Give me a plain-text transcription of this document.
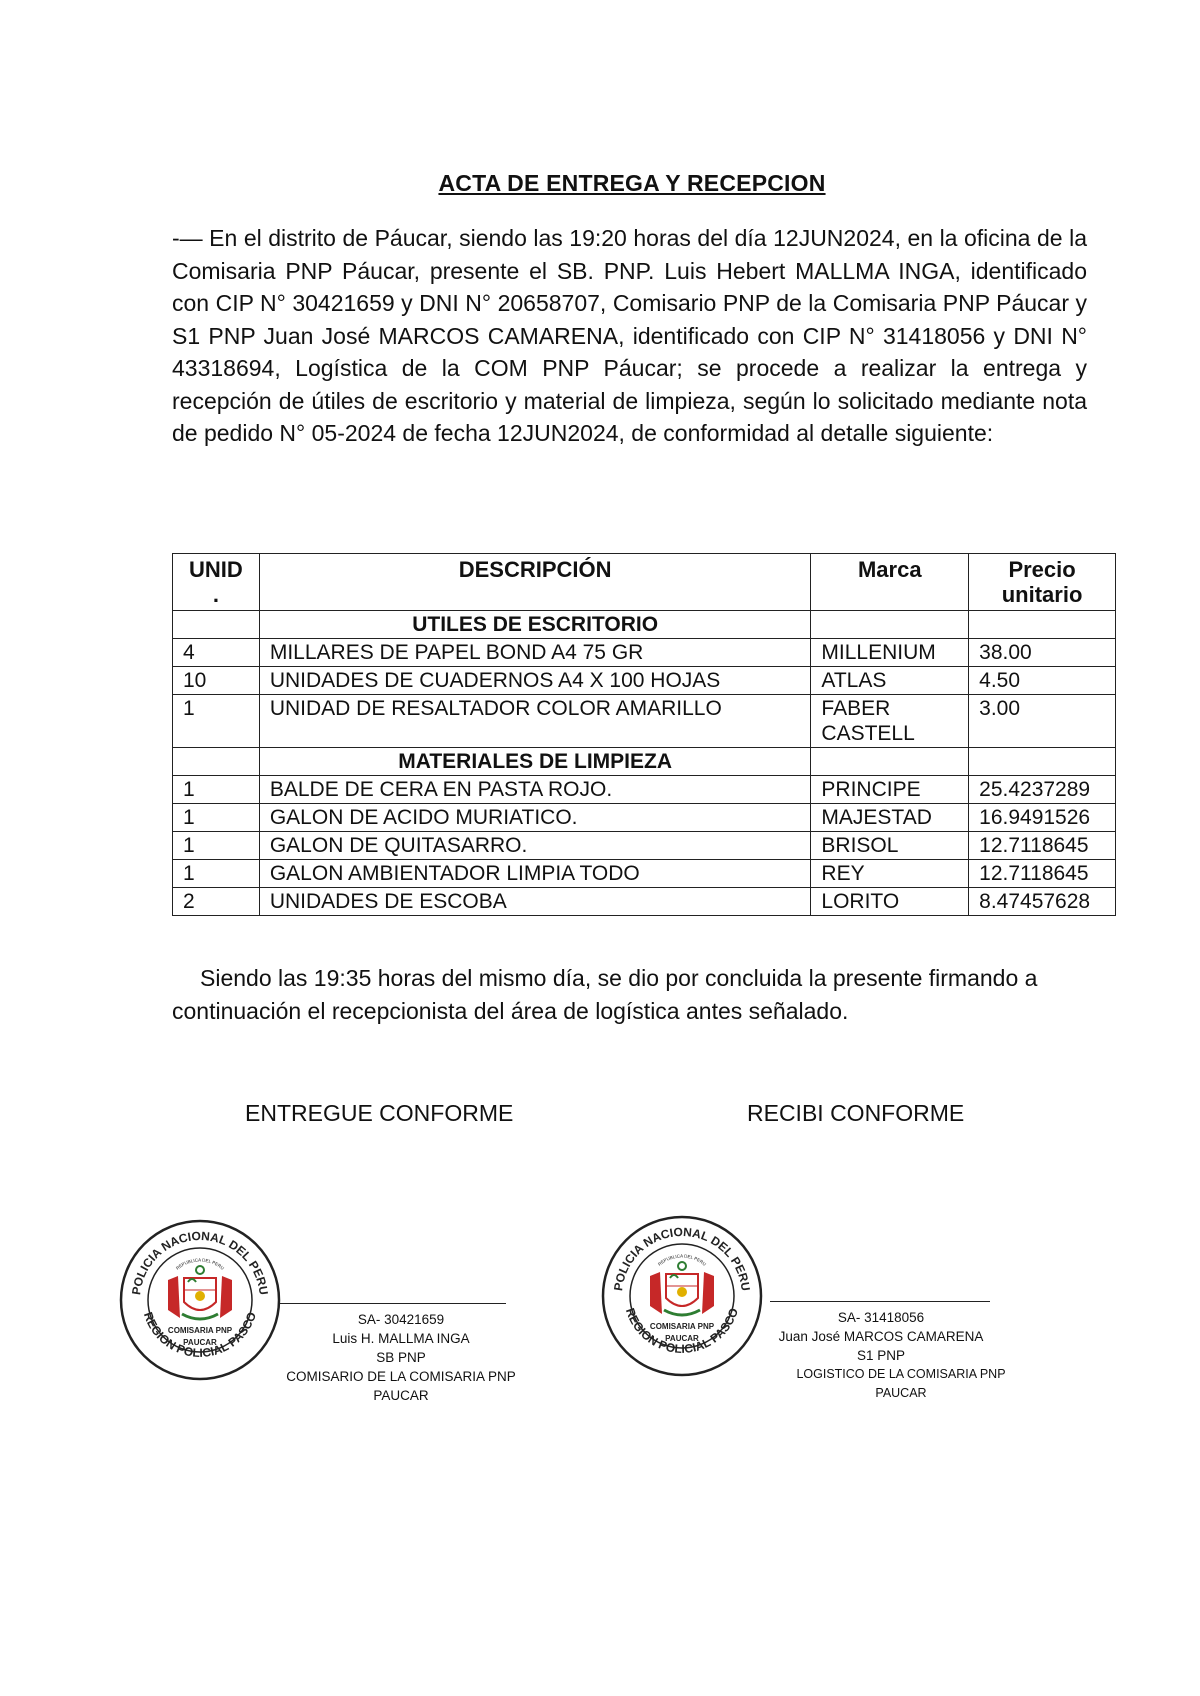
ACTA DE ENTREGA Y RECEPCION
-— En el distrito de Páucar, siendo las 19:20 horas del día 12JUN2024, en la oficina de la Comisaria PNP Páucar, presente el SB. PNP. Luis Hebert MALLMA INGA, identificado con CIP N° 30421659 y DNI N° 20658707, Comisario PNP de la Comisaria PNP Páucar y S1 PNP Juan José MARCOS CAMARENA, identificado con CIP N° 31418056 y DNI N° 43318694, Logística de la COM PNP Páucar; se procede a realizar la entrega y recepción de útiles de escritorio y material de limpieza, según lo solicitado mediante nota de pedido N° 05-2024 de fecha 12JUN2024, de conformidad al detalle siguiente:
UNID .	DESCRIPCIÓN	Marca	Precio unitario
	UTILES DE ESCRITORIO		
4	MILLARES DE PAPEL BOND A4 75 GR	MILLENIUM	38.00
10	UNIDADES DE CUADERNOS A4 X 100 HOJAS	ATLAS	4.50
1	UNIDAD DE RESALTADOR COLOR AMARILLO	FABER CASTELL	3.00
	MATERIALES DE LIMPIEZA		
1	BALDE DE CERA EN PASTA ROJO.	PRINCIPE	25.4237289
1	GALON DE ACIDO MURIATICO.	MAJESTAD	16.9491526
1	GALON DE QUITASARRO.	BRISOL	12.7118645
1	GALON AMBIENTADOR LIMPIA TODO	REY	12.7118645
2	UNIDADES DE ESCOBA	LORITO	8.47457628
Siendo las 19:35 horas del mismo día, se dio por concluida la presente firmando a continuación el recepcionista del área de logística antes señalado.
ENTREGUE CONFORME	RECIBI CONFORME
POLICIA NACIONAL DEL PERU
REGION POLICIAL PASCO
REPUBLICA DEL PERU
COMISARIA PNP
PAUCAR
SA- 30421659
Luis H. MALLMA INGA
SB PNP
COMISARIO DE LA COMISARIA PNP PAUCAR
POLICIA NACIONAL DEL PERU
REGION POLICIAL PASCO
REPUBLICA DEL PERU
COMISARIA PNP
PAUCAR
SA- 31418056
Juan José MARCOS CAMARENA
S1 PNP
LOGISTICO DE LA COMISARIA PNP PAUCAR
